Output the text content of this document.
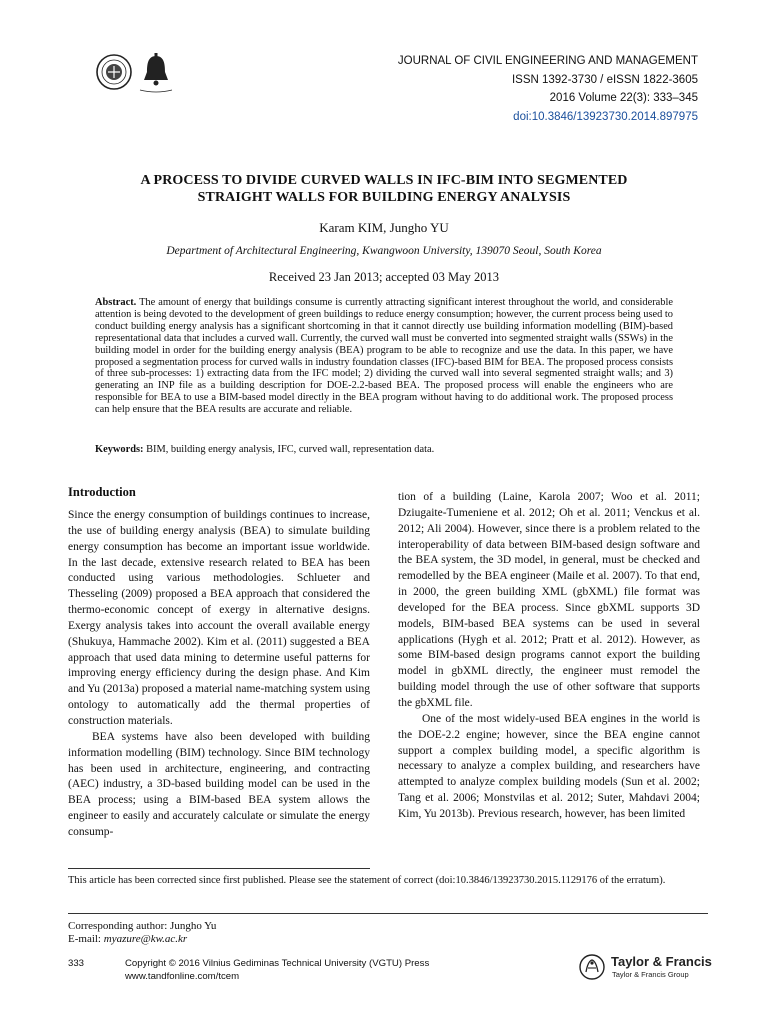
JOURNAL OF CIVIL ENGINEERING AND MANAGEMENT
ISSN 1392-3730 / eISSN 1822-3605
2016 Volume 22(3): 333–345
doi:10.3846/13923730.2014.897975
A PROCESS TO DIVIDE CURVED WALLS IN IFC-BIM INTO SEGMENTED
STRAIGHT WALLS FOR BUILDING ENERGY ANALYSIS
Karam KIM, Jungho YU
Department of Architectural Engineering, Kwangwoon University, 139070 Seoul, South Korea
Received 23 Jan 2013; accepted 03 May 2013

Abstract. The amount of energy that buildings consume is currently attracting significant interest throughout the world, and considerable attention is being devoted to the development of green buildings to reduce energy consumption; however, the current process being used to conduct building energy analysis has a significant shortcoming in that it cannot directly use building information modelling (BIM)-based representational data that includes a curved wall. Currently, the curved wall must be converted into segmented straight walls (SSWs) in the building model in order for the building energy analysis (BEA) program to be able to recognize and use the data. In this paper, we have proposed a segmentation process for curved walls in industry foundation classes (IFC)-based BIM for BEA. The proposed process consists of three sub-processes: 1) extracting data from the IFC model; 2) dividing the curved wall into several segmented straight walls; and 3) generating an INP file as a building description for DOE-2.2-based BEA. The proposed process will enable the engineers who are responsible for BEA to use a BIM-based model directly in the BEA program without having to do additional work. The proposed process can help ensure that the BEA results are accurate and reliable.

Keywords: BIM, building energy analysis, IFC, curved wall, representation data.

Introduction

Since the energy consumption of buildings continues to increase, the use of building energy analysis (BEA) to simulate building energy consumption has become an important issue worldwide. In the last decade, extensive research related to BEA has been conducted using various methodologies. Schlueter and Thesseling (2009) proposed a BEA approach that considered the thermo-economic concept of exergy in alternative designs. Exergy analysis takes into account the overall available energy (Shukuya, Hammache 2002). Kim et al. (2011) suggested a BEA approach that used data mining to determine useful patterns for improving energy efficiency during the design phase. And Kim and Yu (2013a) proposed a material name-matching system using ontology to automatically add the thermal properties of construction materials.

BEA systems have also been developed with building information modelling (BIM) technology. Since BIM technology has been used in architecture, engineering, and contracting (AEC) industry, a 3D-based building model can be used in the BEA process; using a BIM-based BEA system allows the engineer to easily and accurately calculate or simulate the energy consump-

tion of a building (Laine, Karola 2007; Woo et al. 2011; Dziugaite-Tumeniene et al. 2012; Oh et al. 2011; Venckus et al. 2012; Ali 2004). However, since there is a problem related to the interoperability of data between BIM-based design software and the BEA system, the 3D model, in general, must be checked and remodelled by the BEA engineer (Maile et al. 2007). To that end, in 2000, the green building XML (gbXML) file format was developed for the BEA process. Since gbXML supports 3D models, BIM-based BEA systems can be used in several applications (Hygh et al. 2012; Pratt et al. 2012). However, as some BIM-based design programs cannot export the building model in gbXML directly, the engineer must remodel the building model through the use of other software that supports the gbXML file.

One of the most widely-used BEA engines in the world is the DOE-2.2 engine; however, since the BEA engine cannot support a complex building model, a specific algorithm is necessary to analyze a complex building, and researchers have attempted to analyze complex building models (Sun et al. 2002; Tang et al. 2006; Monstvilas et al. 2012; Suter, Mahdavi 2004; Kim, Yu 2013b). Previous research, however, has been limited

This article has been corrected since first published. Please see the statement of correct (doi:10.3846/13923730.2015.1129176 of the erratum).
Corresponding author: Jungho Yu
E-mail: myazure@kw.ac.kr
333	Copyright © 2016 Vilnius Gediminas Technical University (VGTU) Press
www.tandfonline.com/tcem
Taylor & Francis
Taylor & Francis Group
